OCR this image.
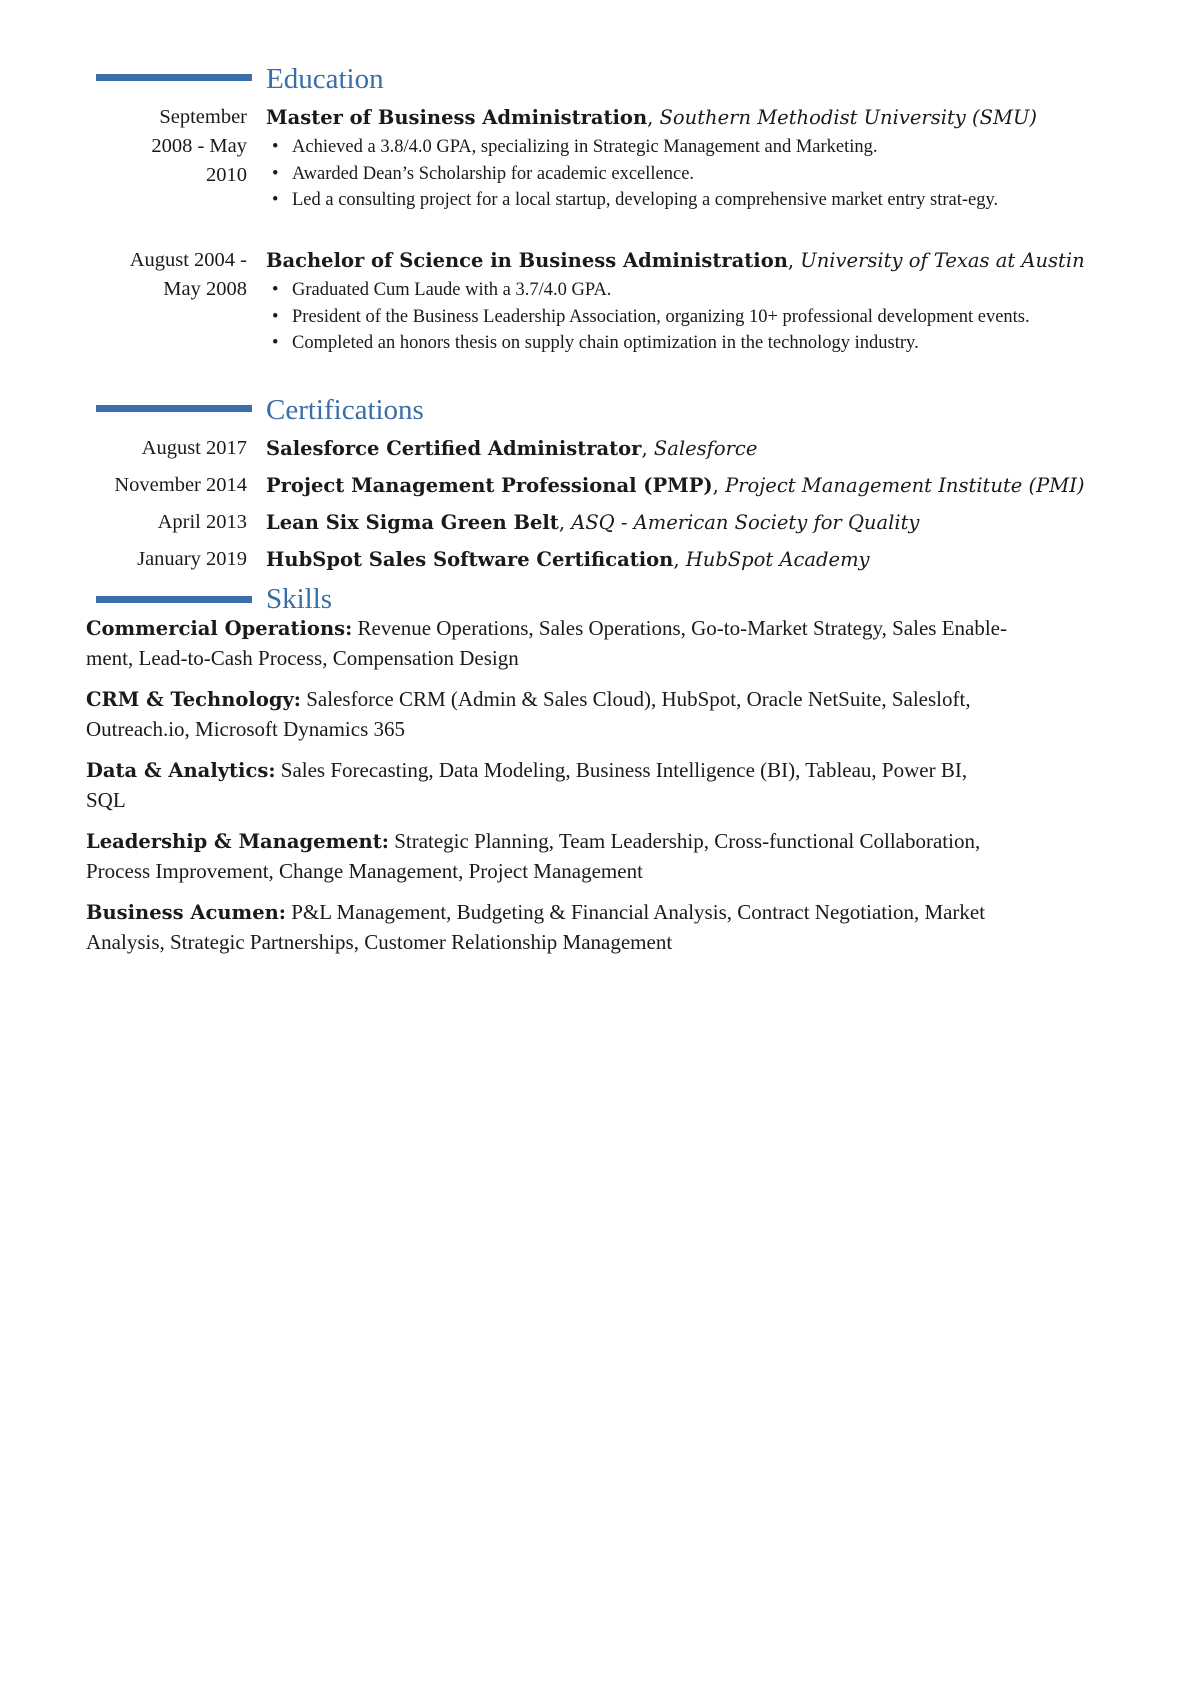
Education
September
2008 - May
2010
Master of Business Administration, Southern Methodist University (SMU)
• Achieved a 3.8/4.0 GPA, specializing in Strategic Management and Marketing.
• Awarded Dean’s Scholarship for academic excellence.
• Led a consulting project for a local startup, developing a comprehensive market entry strat-egy.
August 2004 -
May 2008
Bachelor of Science in Business Administration, University of Texas at Austin
• Graduated Cum Laude with a 3.7/4.0 GPA.
• President of the Business Leadership Association, organizing 10+ professional development events.
• Completed an honors thesis on supply chain optimization in the technology industry.
Certifications
August 2017 Salesforce Certified Administrator, Salesforce
November 2014 Project Management Professional (PMP), Project Management Institute (PMI)
April 2013 Lean Six Sigma Green Belt, ASQ - American Society for Quality
January 2019 HubSpot Sales Software Certification, HubSpot Academy
Skills
Commercial Operations: Revenue Operations, Sales Operations, Go-to-Market Strategy, Sales Enable-
ment, Lead-to-Cash Process, Compensation Design
CRM & Technology: Salesforce CRM (Admin & Sales Cloud), HubSpot, Oracle NetSuite, Salesloft,
Outreach.io, Microsoft Dynamics 365
Data & Analytics: Sales Forecasting, Data Modeling, Business Intelligence (BI), Tableau, Power BI,
SQL
Leadership & Management: Strategic Planning, Team Leadership, Cross-functional Collaboration,
Process Improvement, Change Management, Project Management
Business Acumen: P&L Management, Budgeting & Financial Analysis, Contract Negotiation, Market
Analysis, Strategic Partnerships, Customer Relationship Management
